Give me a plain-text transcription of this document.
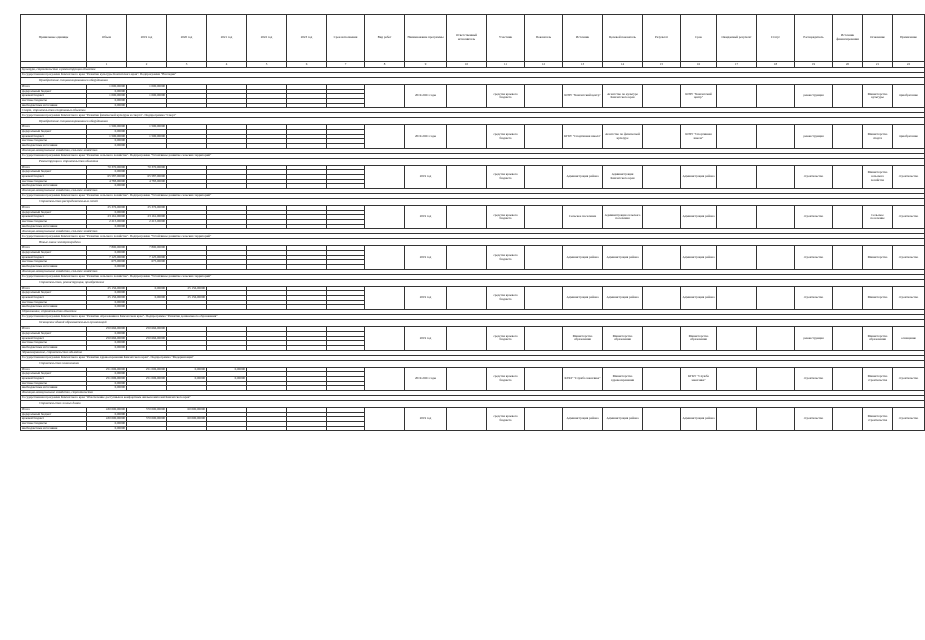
Правильные единицы	Объем	2019 год	2020 год	2021 год	2022 год	2023 год	Срок исполнения	Вид работ	Наименование программы	Ответственный исполнитель	Участник	Показатель	Источник	Целевой показатель	Результат	Срок	Ожидаемый результат	Статус	Распорядитель	Источник финансирования	Основание	Примечание
	1	2	3	4	5	6	7	8	9	10	11	12	13	14	15	16	17	18	19	20	21	22
Культура, строительство и реконструкция объектов																						
Государственная программа Камчатского края "Развитие культуры Камчатского края". Подпрограмма "Наследие"																						
Приобретение специализированного оборудования																						
Итого	1 000,00000	1 000,00000							2019-2021 годы		средства краевого бюджета		КГБУ "Камчатский центр"	Агентство по культуре Камчатского края		КГБУ "Камчатский центр"			реконструкция		Министерство культуры	приобретение
федеральный бюджет	0,00000																					
краевой бюджет	1 000,00000	1 000,00000																				
местные бюджеты	0,00000																					
внебюджетные источники	0,00000																					
Спорт, строительство спортивных объектов																						
Государственная программа Камчатского края "Развитие физической культуры и спорта". Подпрограмма "Спорт"																						
Приобретение специализированного оборудования																						
Итого	1 500,00000	1 500,00000							2019-2021 годы		средства краевого бюджета		КГБУ "Спортивная школа"	Агентство по физической культуре		КГБУ "Спортивная школа"			реконструкция		Министерство спорта	приобретение
федеральный бюджет	0,00000																					
краевой бюджет	1 500,00000	1 500,00000																				
местные бюджеты	0,00000																					
внебюджетные источники	0,00000																					
Жилищно-коммунальное хозяйство, сельское хозяйство																						
Государственная программа Камчатского края "Развитие сельского хозяйства". Подпрограмма "Устойчивое развитие сельских территорий"																						
Реконструкция и строительство объектов																						
Итого	70 370,00000	70 370,00000							2019 год		средства краевого бюджета		Администрация района	Администрация Камчатского края		Администрация района			строительство		Министерство сельского хозяйства	строительство
федеральный бюджет	0,00000																					
краевой бюджет	65 587,00000	65 587,00000																				
местные бюджеты	4 783,00000	4 783,00000																				
внебюджетные источники	0,00000																					
Жилищно-коммунальное хозяйство, сельское хозяйство																						
Государственная программа Камчатского края "Развитие сельского хозяйства". Подпрограмма "Устойчивое развитие сельских территорий"																						
Строительство распределительных сетей																						
Итого	25 376,00000	25 376,00000							2019 год		средства краевого бюджета		Сельское поселение	Администрация сельского поселения		Администрация района			строительство		Сельское поселение	строительство
федеральный бюджет	0,00000																					
краевой бюджет	23 161,00000	23 161,00000																				
местные бюджеты	2 215,00000	2 215,00000																				
внебюджетные источники	0,00000																					
Жилищно-коммунальное хозяйство, сельское хозяйство																						
Государственная программа Камчатского края "Развитие сельского хозяйства". Подпрограмма "Устойчивое развитие сельских территорий"																						
Новые линии электропередачи																						
Итого	7 800,00000	7 800,00000							2019 год		средства краевого бюджета		Администрация района	Администрация района		Администрация района			строительство		Министерство	строительство
федеральный бюджет	0,00000																					
краевой бюджет	7 125,00000	7 125,00000																				
местные бюджеты	675,00000	675,00000																				
внебюджетные источники	0,00000																					
Жилищно-коммунальное хозяйство, сельское хозяйство																						
Государственная программа Камчатского края "Развитие сельского хозяйства". Подпрограмма "Устойчивое развитие сельских территорий"																						
Строительство, реконструкция, приобретение																						
Итого	25 156,00000	0,00000	25 156,00000						2019 год		средства краевого бюджета		Администрация района	Администрация района		Администрация района			строительство		Министерство	строительство
федеральный бюджет	0,00000																					
краевой бюджет	25 156,00000	0,00000	25 156,00000																			
местные бюджеты	0,00000																					
внебюджетные источники	0,00000																					
Образование, строительство объектов																						
Государственная программа Камчатского края "Развитие образования в Камчатском крае". Подпрограмма "Развитие дошкольного образования"																						
Оснащение зданий образовательных организаций																						
Итого	250 666,00000	250 666,00000							2019 год		средства краевого бюджета		Министерство образования	Министерство образования		Министерство образования			реконструкция		Министерство образования	оснащение
федеральный бюджет	0,00000																					
краевой бюджет	250 666,00000	250 666,00000																				
местные бюджеты	0,00000																					
внебюджетные источники	0,00000																					
Здравоохранение, строительство объектов																						
Государственная программа Камчатского края "Развитие здравоохранения Камчатского края". Подпрограмма "Модернизация"																						
Строительство поликлиники																						
Итого	251 006,00000	251 006,00000	0,00000	0,00000					2019-2021 годы		средства краевого бюджета		КГКУ "Служба заказчика"	Министерство здравоохранения		КГКУ "Служба заказчика"			строительство		Министерство строительства	строительство
федеральный бюджет	0,00000																					
краевой бюджет	251 006,00000	251 006,00000	0,00000	0,00000																		
местные бюджеты	0,00000																					
внебюджетные источники	0,00000																					
Жилищно-коммунальное хозяйство, строительство																						
Государственная программа Камчатского края "Обеспечение доступным и комфортным жильем жителей Камчатского края"																						
Строительство жилых домов																						
Итого	430 000,00000	370 000,00000	60 000,00000						2019 год		средства краевого бюджета		Администрация района	Администрация района		Администрация района			строительство		Министерство строительства	строительство
федеральный бюджет	0,00000																					
краевой бюджет	430 000,00000	370 000,00000	60 000,00000																			
местные бюджеты	0,00000																					
внебюджетные источники	0,00000																					
